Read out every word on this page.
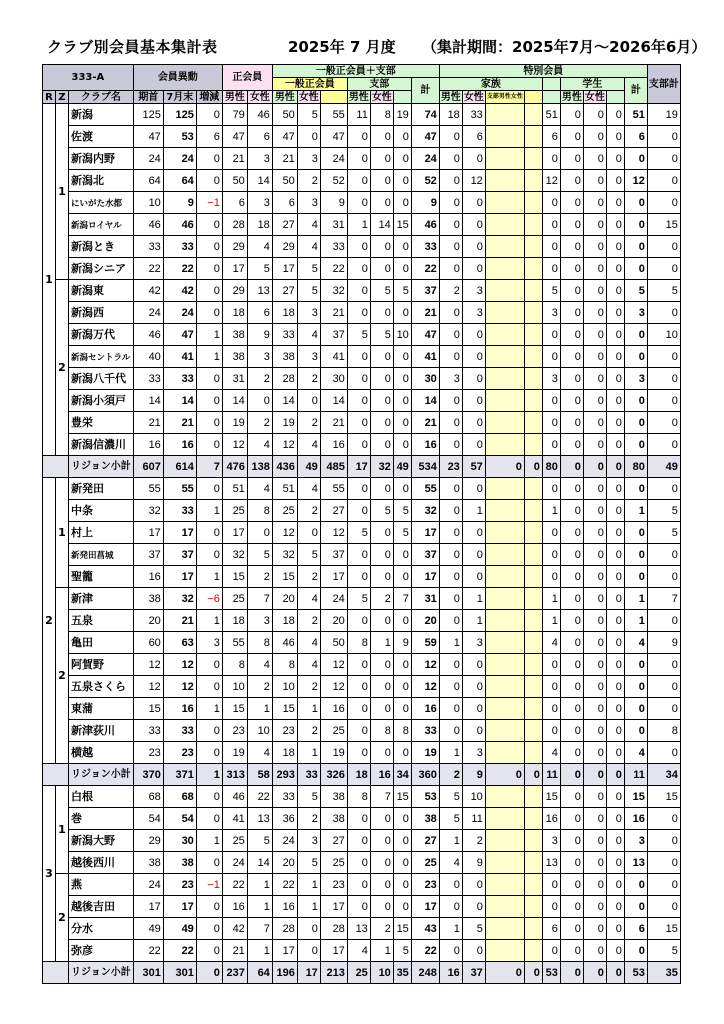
クラブ別会員基本集計表	2025年 7 月度 （集計期間：2025年7月～2026年6月）
333-A			会員異動			正会員		一般正会員＋支部							特別会員									支部計
								一般正会員			支部			計	家族					学生			計	
R	Z	クラブ名	期首	7月末	増減	男性	女性	男性	女性		男性	女性			男性	女性	支部男性女性			男性	女性			
1	1	新潟	125	125	0	79	46	50	5	55	11	8	19	74	18	33			51	0	0	0	51	19
		佐渡	47	53	6	47	6	47	0	47	0	0	0	47	0	6			6	0	0	0	6	0
		新潟内野	24	24	0	21	3	21	3	24	0	0	0	24	0	0			0	0	0	0	0	0
		新潟北	64	64	0	50	14	50	2	52	0	0	0	52	0	12			12	0	0	0	12	0
		にいがた水都	10	9	−1	6	3	6	3	9	0	0	0	9	0	0			0	0	0	0	0	0
		新潟ロイヤル	46	46	0	28	18	27	4	31	1	14	15	46	0	0			0	0	0	0	0	15
		新潟とき	33	33	0	29	4	29	4	33	0	0	0	33	0	0			0	0	0	0	0	0
		新潟シニア	22	22	0	17	5	17	5	22	0	0	0	22	0	0			0	0	0	0	0	0
	2	新潟東	42	42	0	29	13	27	5	32	0	5	5	37	2	3			5	0	0	0	5	5
		新潟西	24	24	0	18	6	18	3	21	0	0	0	21	0	3			3	0	0	0	3	0
		新潟万代	46	47	1	38	9	33	4	37	5	5	10	47	0	0			0	0	0	0	0	10
		新潟セントラル	40	41	1	38	3	38	3	41	0	0	0	41	0	0			0	0	0	0	0	0
		新潟八千代	33	33	0	31	2	28	2	30	0	0	0	30	3	0			3	0	0	0	3	0
		新潟小須戸	14	14	0	14	0	14	0	14	0	0	0	14	0	0			0	0	0	0	0	0
		豊栄	21	21	0	19	2	19	2	21	0	0	0	21	0	0			0	0	0	0	0	0
		新潟信濃川	16	16	0	12	4	12	4	16	0	0	0	16	0	0			0	0	0	0	0	0
		リジョン小計	607	614	7	476	138	436	49	485	17	32	49	534	23	57	0	0	80	0	0	0	80	49
2	1	新発田	55	55	0	51	4	51	4	55	0	0	0	55	0	0			0	0	0	0	0	0
		中条	32	33	1	25	8	25	2	27	0	5	5	32	0	1			1	0	0	0	1	5
		村上	17	17	0	17	0	12	0	12	5	0	5	17	0	0			0	0	0	0	0	5
		新発田菖城	37	37	0	32	5	32	5	37	0	0	0	37	0	0			0	0	0	0	0	0
		聖籠	16	17	1	15	2	15	2	17	0	0	0	17	0	0			0	0	0	0	0	0
	2	新津	38	32	−6	25	7	20	4	24	5	2	7	31	0	1			1	0	0	0	1	7
		五泉	20	21	1	18	3	18	2	20	0	0	0	20	0	1			1	0	0	0	1	0
		亀田	60	63	3	55	8	46	4	50	8	1	9	59	1	3			4	0	0	0	4	9
		阿賀野	12	12	0	8	4	8	4	12	0	0	0	12	0	0			0	0	0	0	0	0
		五泉さくら	12	12	0	10	2	10	2	12	0	0	0	12	0	0			0	0	0	0	0	0
		東蒲	15	16	1	15	1	15	1	16	0	0	0	16	0	0			0	0	0	0	0	0
		新津荻川	33	33	0	23	10	23	2	25	0	8	8	33	0	0			0	0	0	0	0	8
		横越	23	23	0	19	4	18	1	19	0	0	0	19	1	3			4	0	0	0	4	0
		リジョン小計	370	371	1	313	58	293	33	326	18	16	34	360	2	9	0	0	11	0	0	0	11	34
3	1	白根	68	68	0	46	22	33	5	38	8	7	15	53	5	10			15	0	0	0	15	15
		巻	54	54	0	41	13	36	2	38	0	0	0	38	5	11			16	0	0	0	16	0
		新潟大野	29	30	1	25	5	24	3	27	0	0	0	27	1	2			3	0	0	0	3	0
		越後西川	38	38	0	24	14	20	5	25	0	0	0	25	4	9			13	0	0	0	13	0
	2	燕	24	23	−1	22	1	22	1	23	0	0	0	23	0	0			0	0	0	0	0	0
		越後吉田	17	17	0	16	1	16	1	17	0	0	0	17	0	0			0	0	0	0	0	0
		分水	49	49	0	42	7	28	0	28	13	2	15	43	1	5			6	0	0	0	6	15
		弥彦	22	22	0	21	1	17	0	17	4	1	5	22	0	0			0	0	0	0	0	5
		リジョン小計	301	301	0	237	64	196	17	213	25	10	35	248	16	37	0	0	53	0	0	0	53	35
